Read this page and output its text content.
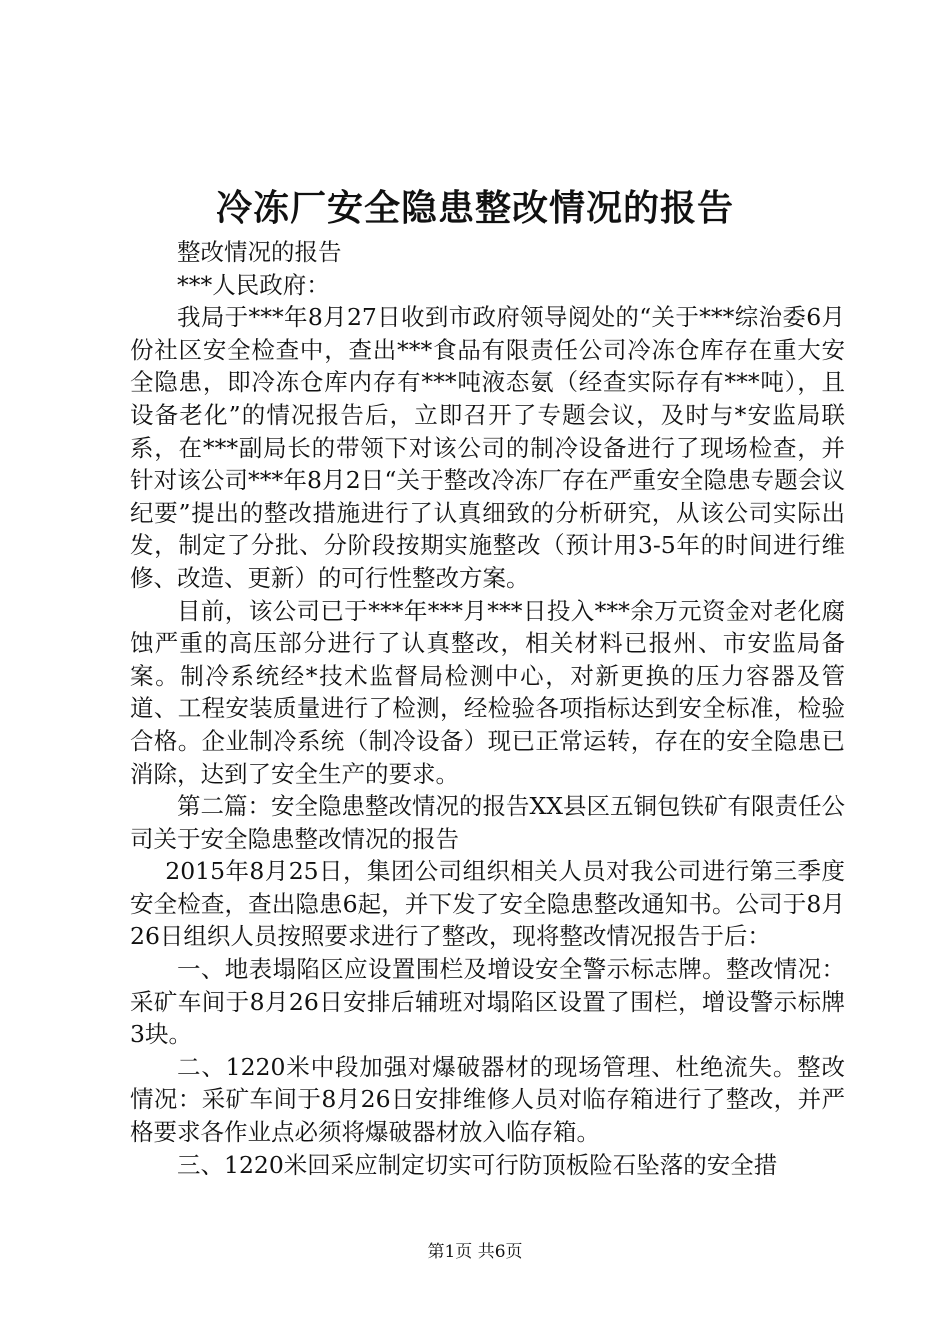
冷冻厂安全隐患整改情况的报告

整改情况的报告

***人民政府：

我局于***年8月27日收到市政府领导阅处的“关于***综治委6月份社区安全检查中，查出***食品有限责任公司冷冻仓库存在重大安全隐患，即冷冻仓库内存有***吨液态氨（经查实际存有***吨），且设备老化”的情况报告后，立即召开了专题会议，及时与*安监局联系，在***副局长的带领下对该公司的制冷设备进行了现场检查，并针对该公司***年8月2日“关于整改冷冻厂存在严重安全隐患专题会议纪要”提出的整改措施进行了认真细致的分析研究，从该公司实际出发，制定了分批、分阶段按期实施整改（预计用3-5年的时间进行维修、改造、更新）的可行性整改方案。

目前，该公司已于***年***月***日投入***余万元资金对老化腐蚀严重的高压部分进行了认真整改，相关材料已报州、市安监局备案。制冷系统经*技术监督局检测中心，对新更换的压力容器及管道、工程安装质量进行了检测，经检验各项指标达到安全标准，检验合格。企业制冷系统（制冷设备）现已正常运转，存在的安全隐患已消除，达到了安全生产的要求。

第二篇：安全隐患整改情况的报告XX县区五铜包铁矿有限责任公司关于安全隐患整改情况的报告

2015年8月25日，集团公司组织相关人员对我公司进行第三季度安全检查，查出隐患6起，并下发了安全隐患整改通知书。公司于8月26日组织人员按照要求进行了整改，现将整改情况报告于后：

一、地表塌陷区应设置围栏及增设安全警示标志牌。整改情况：采矿车间于8月26日安排后辅班对塌陷区设置了围栏，增设警示标牌3块。

二、1220米中段加强对爆破器材的现场管理、杜绝流失。整改情况：采矿车间于8月26日安排维修人员对临存箱进行了整改，并严格要求各作业点必须将爆破器材放入临存箱。

三、1220米回采应制定切实可行防顶板险石坠落的安全措

第1页 共6页
